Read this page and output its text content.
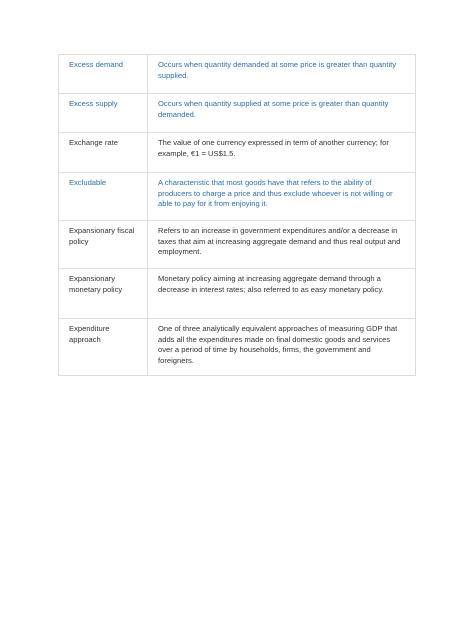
Excess demand	Occurs when quantity demanded at some price is greater than quantity supplied.
Excess supply	Occurs when quantity supplied at some price is greater than quantity demanded.
Exchange rate	The value of one currency expressed in term of another currency; for example, €1 = US$1.5.
Excludable	A characteristic that most goods have that refers to the ability of producers to charge a price and thus exclude whoever is not willing or able to pay for it from enjoying it.
Expansionary fiscal policy	Refers to an increase in government expenditures and/or a decrease in taxes that aim at increasing aggregate demand and thus real output and employment.
Expansionary monetary policy	Monetary policy aiming at increasing aggregate demand through a decrease in interest rates; also referred to as easy monetary policy.
Expenditure approach	One of three analytically equivalent approaches of measuring GDP that adds all the expenditures made on final domestic goods and services over a period of time by households, firms, the government and foreigners.
